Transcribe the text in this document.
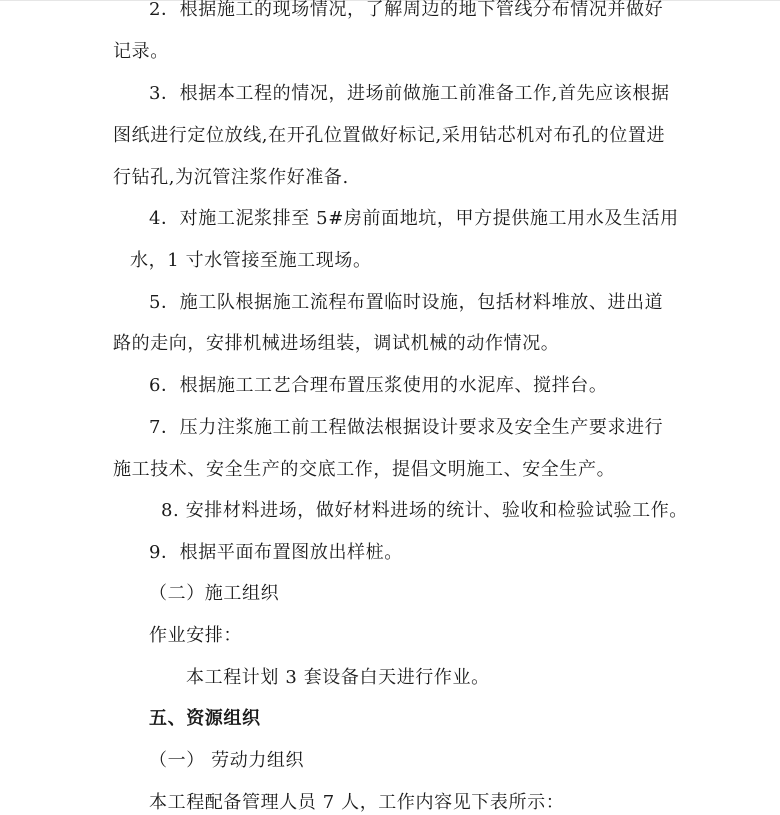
2．根据施工的现场情况，了解周边的地下管线分布情况并做好
记录。
3．根据本工程的情况，进场前做施工前准备工作,首先应该根据
图纸进行定位放线,在开孔位置做好标记,采用钻芯机对布孔的位置进
行钻孔,为沉管注浆作好准备.
4．对施工泥浆排至 5#房前面地坑，甲方提供施工用水及生活用
水，1 寸水管接至施工现场。
5．施工队根据施工流程布置临时设施，包括材料堆放、进出道
路的走向，安排机械进场组装，调试机械的动作情况。
6．根据施工工艺合理布置压浆使用的水泥库、搅拌台。
7．压力注浆施工前工程做法根据设计要求及安全生产要求进行
施工技术、安全生产的交底工作，提倡文明施工、安全生产。
8. 安排材料进场，做好材料进场的统计、验收和检验试验工作。
9．根据平面布置图放出样桩。
（二）施工组织
作业安排：
本工程计划 3 套设备白天进行作业。
五、资源组织
（一） 劳动力组织
本工程配备管理人员 7 人，工作内容见下表所示：
